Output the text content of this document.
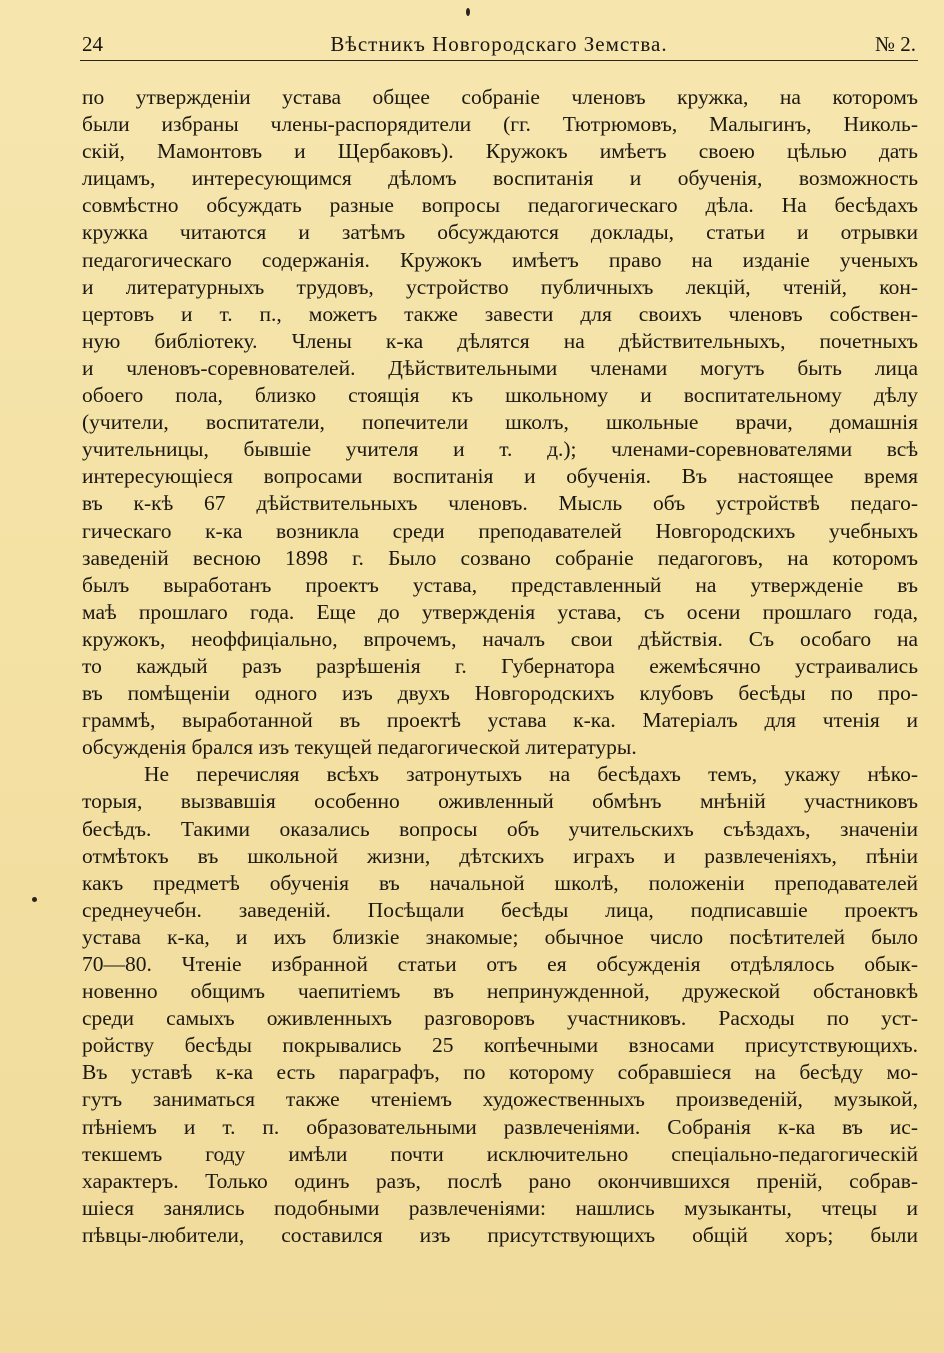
24	Вѣстникъ Новгородскаго Земства.	№ 2.
по утвержденіи устава общее собраніе членовъ кружка, на которомъ
были избраны члены-распорядители (гг. Тютрюмовъ, Малыгинъ, Николь-
скій, Мамонтовъ и Щербаковъ). Кружокъ имѣетъ своею цѣлью дать
лицамъ, интересующимся дѣломъ воспитанія и обученія, возможность
совмѣстно обсуждать разные вопросы педагогическаго дѣла. На бесѣдахъ
кружка читаются и затѣмъ обсуждаются доклады, статьи и отрывки
педагогическаго содержанія. Кружокъ имѣетъ право на изданіе ученыхъ
и литературныхъ трудовъ, устройство публичныхъ лекцій, чтеній, кон-
цертовъ и т. п., можетъ также завести для своихъ членовъ собствен-
ную библіотеку. Члены к-ка дѣлятся на дѣйствительныхъ, почетныхъ
и членовъ-соревнователей. Дѣйствительными членами могутъ быть лица
обоего пола, близко стоящія къ школьному и воспитательному дѣлу
(учители, воспитатели, попечители школъ, школьные врачи, домашнія
учительницы, бывшіе учителя и т. д.); членами-соревнователями всѣ
интересующіеся вопросами воспитанія и обученія. Въ настоящее время
въ к-кѣ 67 дѣйствительныхъ членовъ. Мысль объ устройствѣ педаго-
гическаго к-ка возникла среди преподавателей Новгородскихъ учебныхъ
заведеній весною 1898 г. Было созвано собраніе педагоговъ, на которомъ
былъ выработанъ проектъ устава, представленный на утвержденіе въ
маѣ прошлаго года. Еще до утвержденія устава, съ осени прошлаго года,
кружокъ, неоффиціально, впрочемъ, началъ свои дѣйствія. Съ особаго на
то каждый разъ разрѣшенія г. Губернатора ежемѣсячно устраивались
въ помѣщеніи одного изъ двухъ Новгородскихъ клубовъ бесѣды по про-
граммѣ, выработанной въ проектѣ устава к-ка. Матеріалъ для чтенія и
обсужденія брался изъ текущей педагогической литературы.
Не перечисляя всѣхъ затронутыхъ на бесѣдахъ темъ, укажу нѣко-
торыя, вызвавшія особенно оживленный обмѣнъ мнѣній участниковъ
бесѣдъ. Такими оказались вопросы объ учительскихъ съѣздахъ, значеніи
отмѣтокъ въ школьной жизни, дѣтскихъ играхъ и развлеченіяхъ, пѣніи
какъ предметѣ обученія въ начальной школѣ, положеніи преподавателей
среднеучебн. заведеній. Посѣщали бесѣды лица, подписавшіе проектъ
устава к-ка, и ихъ близкіе знакомые; обычное число посѣтителей было
70—80. Чтеніе избранной статьи отъ ея обсужденія отдѣлялось обык-
новенно общимъ чаепитіемъ въ непринужденной, дружеской обстановкѣ
среди самыхъ оживленныхъ разговоровъ участниковъ. Расходы по уст-
ройству бесѣды покрывались 25 копѣечными взносами присутствующихъ.
Въ уставѣ к-ка есть параграфъ, по которому собравшіеся на бесѣду мо-
гутъ заниматься также чтеніемъ художественныхъ произведеній, музыкой,
пѣніемъ и т. п. образовательными развлеченіями. Собранія к-ка въ ис-
текшемъ году имѣли почти исключительно спеціально-педагогическій
характеръ. Только одинъ разъ, послѣ рано окончившихся преній, собрав-
шіеся занялись подобными развлеченіями: нашлись музыканты, чтецы и
пѣвцы-любители, составился изъ присутствующихъ общій хоръ; были
